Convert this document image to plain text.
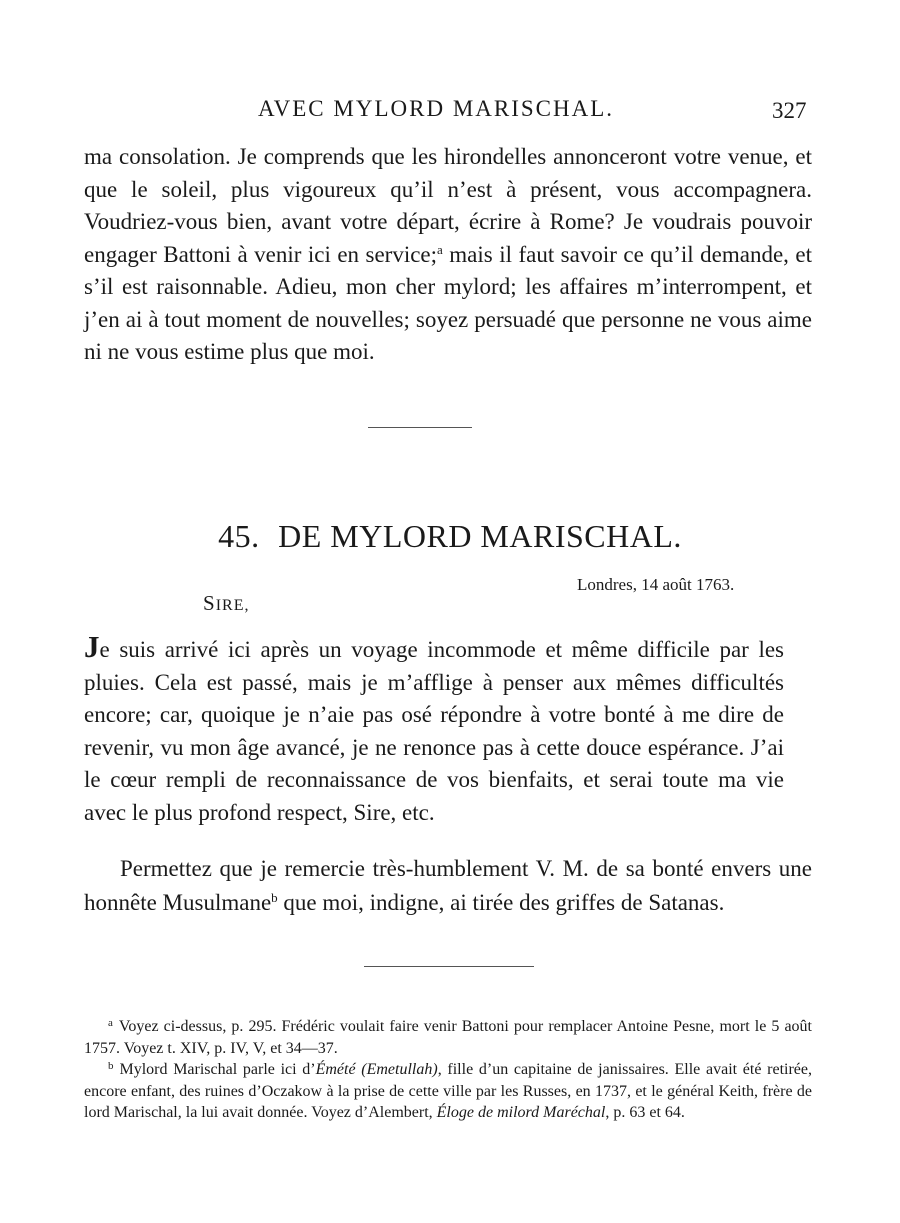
AVEC MYLORD MARISCHAL.	327

ma consolation. Je comprends que les hirondelles annonceront votre venue, et que le soleil, plus vigoureux qu’il n’est à présent, vous accompagnera. Voudriez-vous bien, avant votre départ, écrire à Rome? Je voudrais pouvoir engager Battoni à venir ici en service;$^a$ mais il faut savoir ce qu’il demande, et s’il est raisonnable. Adieu, mon cher mylord; les affaires m’interrompent, et j’en ai à tout moment de nouvelles; soyez persuadé que personne ne vous aime ni ne vous estime plus que moi.

45. DE MYLORD MARISCHAL.
Londres, 14 août 1763.
SIRE,

Je suis arrivé ici après un voyage incommode et même difficile par les pluies. Cela est passé, mais je m’afflige à penser aux mêmes difficultés encore; car, quoique je n’aie pas osé répondre à votre bonté à me dire de revenir, vu mon âge avancé, je ne renonce pas à cette douce espérance. J’ai le cœur rempli de reconnaissance de vos bienfaits, et serai toute ma vie avec le plus profond respect, Sire, etc.

Permettez que je remercie très-humblement V. M. de sa bonté envers une honnête Musulmane$^b$ que moi, indigne, ai tirée des griffes de Satanas.

$^a$ Voyez ci-dessus, p. 295. Frédéric voulait faire venir Battoni pour remplacer Antoine Pesne, mort le 5 août 1757. Voyez t. XIV, p. IV, V, et 34—37.

$^b$ Mylord Marischal parle ici d’Émété (Emetullah), fille d’un capitaine de janissaires. Elle avait été retirée, encore enfant, des ruines d’Oczakow à la prise de cette ville par les Russes, en 1737, et le général Keith, frère de lord Marischal, la lui avait donnée. Voyez d’Alembert, Éloge de milord Maréchal, p. 63 et 64.
